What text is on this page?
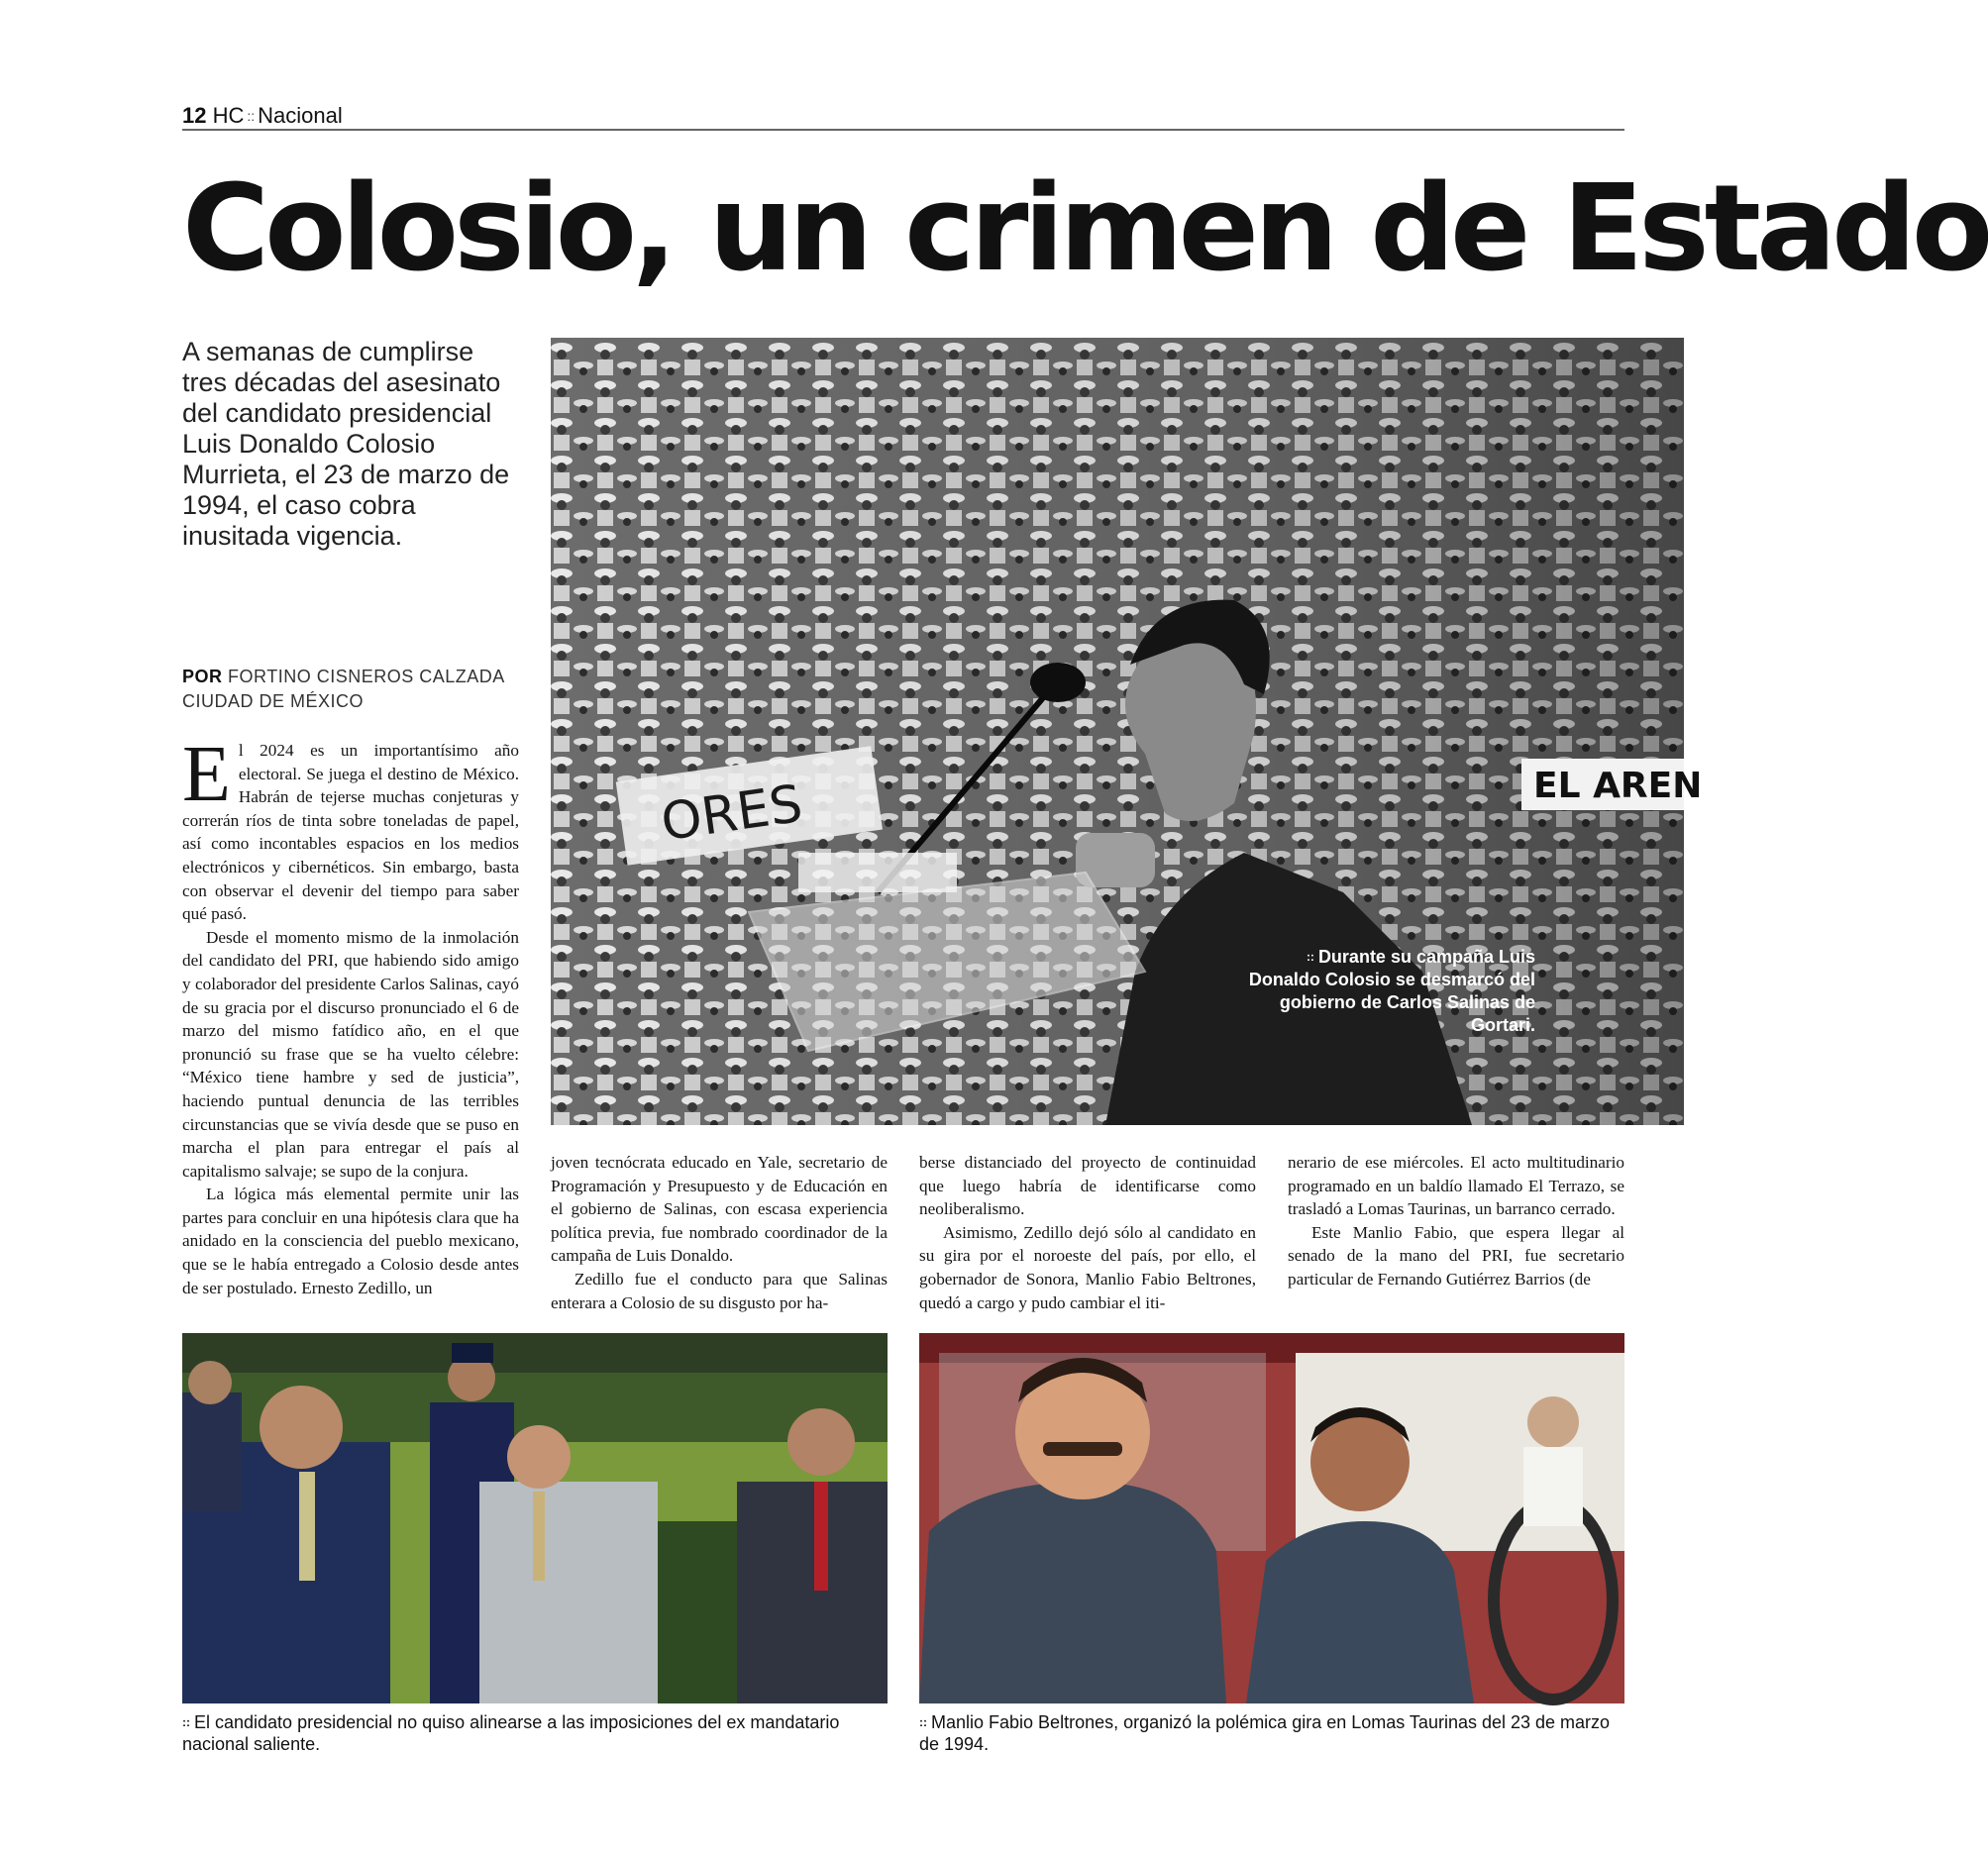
12 HC :: Nacional
Colosio, un crimen de Estado

A semanas de cumplirse tres décadas del asesinato del candidato presidencial Luis Donaldo Colosio Murrieta, el 23 de marzo de 1994, el caso cobra inusitada vigencia.

POR FORTINO CISNEROS CALZADA
CIUDAD DE MÉXICO
ORES	EL AREN
:: Durante su campaña Luis Donaldo Colosio se desmarcó del gobierno de Carlos Salinas de Gortari.

El 2024 es un importantísimo año electoral. Se juega el destino de México. Habrán de tejerse muchas conjeturas y correrán ríos de tinta sobre toneladas de papel, así como incontables espacios en los medios electrónicos y cibernéticos. Sin embargo, basta con observar el devenir del tiempo para saber qué pasó.

Desde el momento mismo de la inmolación del candidato del PRI, que habiendo sido amigo y colaborador del presidente Carlos Salinas, cayó de su gracia por el discurso pronunciado el 6 de marzo del mismo fatídico año, en el que pronunció su frase que se ha vuelto célebre: “México tiene hambre y sed de justicia”, haciendo puntual denuncia de las terribles circunstancias que se vivía desde que se puso en marcha el plan para entregar el país al capitalismo salvaje; se supo de la conjura.

La lógica más elemental permite unir las partes para concluir en una hipótesis clara que ha anidado en la consciencia del pueblo mexicano, que se le había entregado a Colosio desde antes de ser postulado. Ernesto Zedillo, un

joven tecnócrata educado en Yale, secretario de Programación y Presupuesto y de Educación en el gobierno de Salinas, con escasa experiencia política previa, fue nombrado coordinador de la campaña de Luis Donaldo.

Zedillo fue el conducto para que Salinas enterara a Colosio de su disgusto por ha-

berse distanciado del proyecto de continuidad que luego habría de identificarse como neoliberalismo.

Asimismo, Zedillo dejó sólo al candidato en su gira por el noroeste del país, por ello, el gobernador de Sonora, Manlio Fabio Beltrones, quedó a cargo y pudo cambiar el iti-

nerario de ese miércoles. El acto multitudinario programado en un baldío llamado El Terrazo, se trasladó a Lomas Taurinas, un barranco cerrado.

Este Manlio Fabio, que espera llegar al senado de la mano del PRI, fue secretario particular de Fernando Gutiérrez Barrios (de

:: El candidato presidencial no quiso alinearse a las imposiciones del ex mandatario nacional saliente.
:: Manlio Fabio Beltrones, organizó la polémica gira en Lomas Taurinas del 23 de marzo de 1994.
